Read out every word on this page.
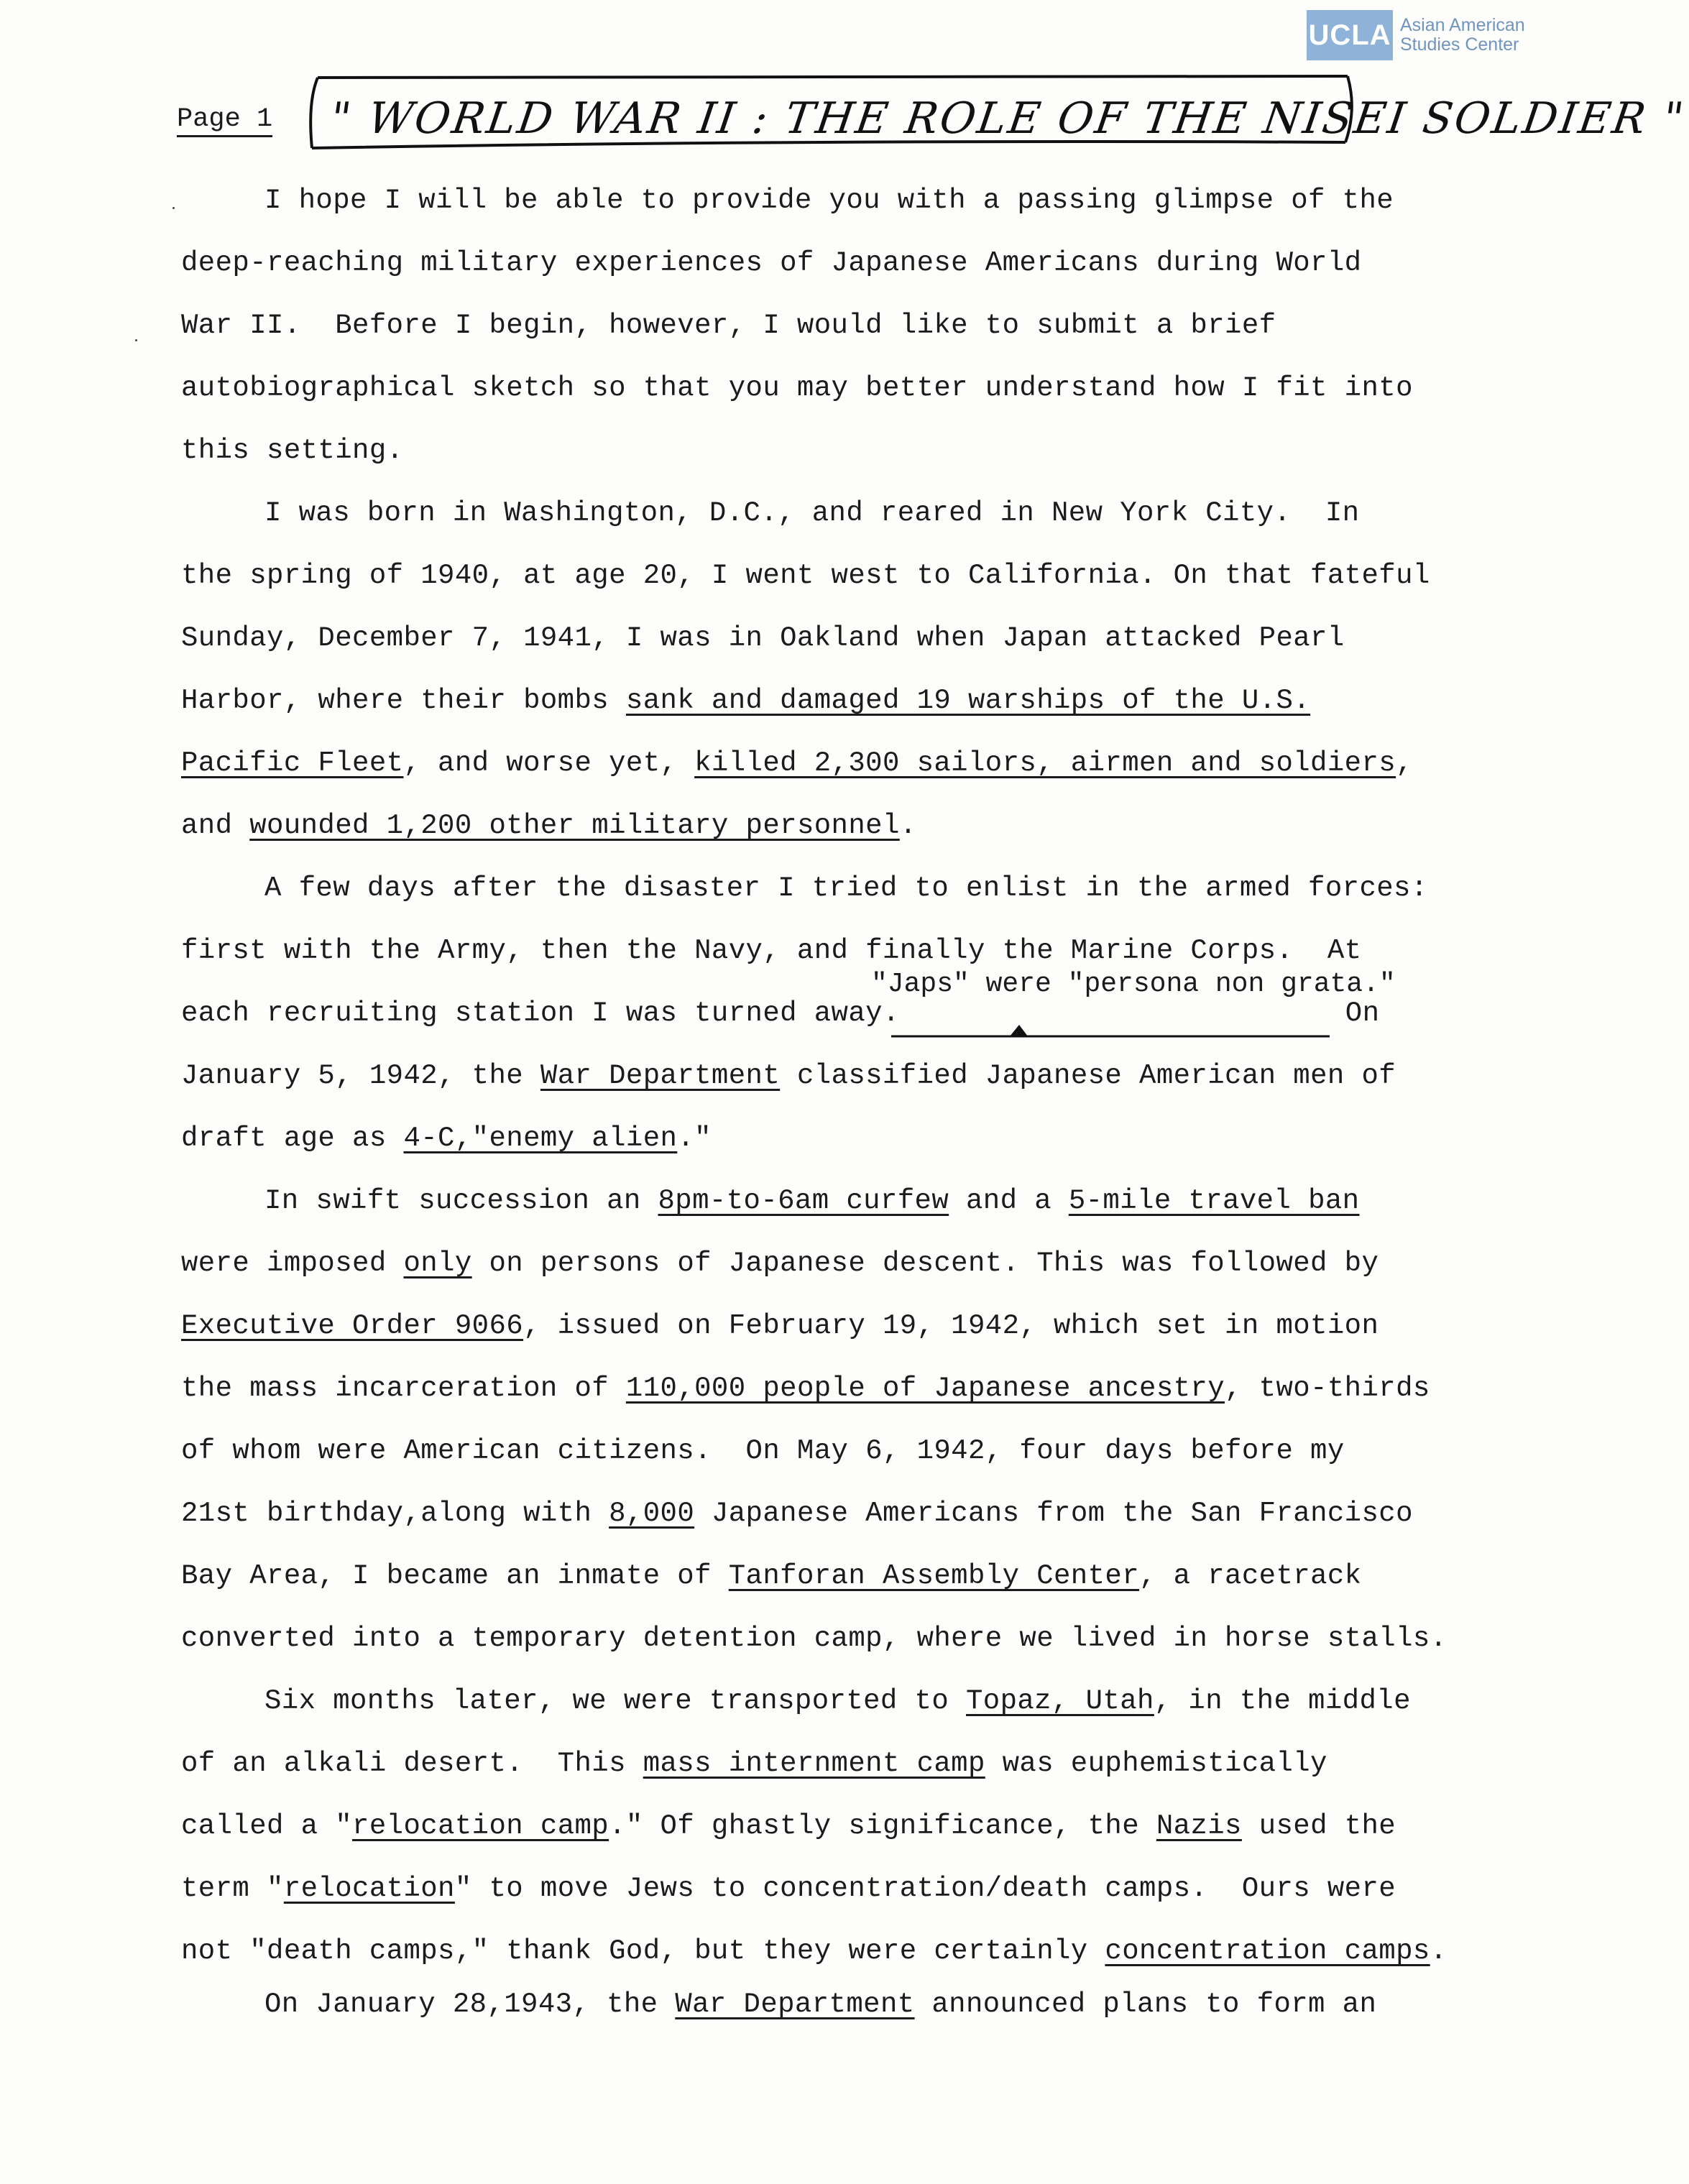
UCLA Asian American
Studies Center
Page 1 " WORLD WAR II : THE ROLE OF THE NISEI SOLDIER "
I hope I will be able to provide you with a passing glimpse of the
deep-reaching military experiences of Japanese Americans during World
War II.  Before I begin, however, I would like to submit a brief
autobiographical sketch so that you may better understand how I fit into
this setting.
I was born in Washington, D.C., and reared in New York City.  In
the spring of 1940, at age 20, I went west to California. On that fateful
Sunday, December 7, 1941, I was in Oakland when Japan attacked Pearl
Harbor, where their bombs sank and damaged 19 warships of the U.S.
Pacific Fleet, and worse yet, killed 2,300 sailors, airmen and soldiers,
and wounded 1,200 other military personnel.
A few days after the disaster I tried to enlist in the armed forces:
first with the Army, then the Navy, and finally the Marine Corps.  At
"Japs" were "persona non grata."
each recruiting station I was turned away.	On
January 5, 1942, the War Department classified Japanese American men of
draft age as 4-C,"enemy alien."
In swift succession an 8pm-to-6am curfew and a 5-mile travel ban
were imposed only on persons of Japanese descent. This was followed by
Executive Order 9066, issued on February 19, 1942, which set in motion
the mass incarceration of 110,000 people of Japanese ancestry, two-thirds
of whom were American citizens.  On May 6, 1942, four days before my
21st birthday,along with 8,000 Japanese Americans from the San Francisco
Bay Area, I became an inmate of Tanforan Assembly Center, a racetrack
converted into a temporary detention camp, where we lived in horse stalls.
Six months later, we were transported to Topaz, Utah, in the middle
of an alkali desert.  This mass internment camp was euphemistically
called a "relocation camp." Of ghastly significance, the Nazis used the
term "relocation" to move Jews to concentration/death camps.  Ours were
not "death camps," thank God, but they were certainly concentration camps.
On January 28,1943, the War Department announced plans to form an
